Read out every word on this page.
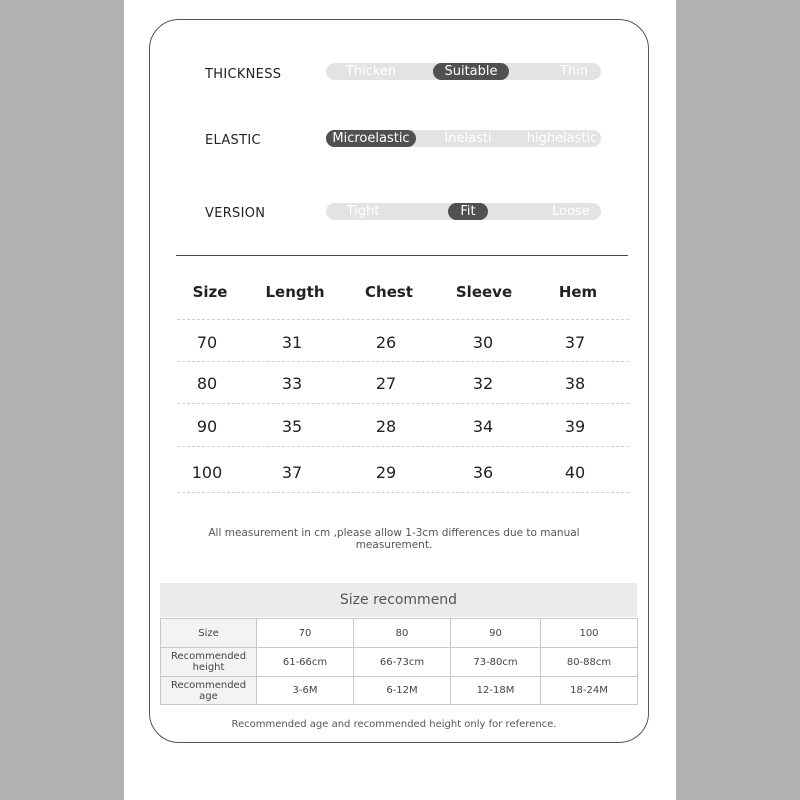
THICKNESS	Thicken	Suitable	Thin
ELASTIC	Microelastic	Inelasti	highelastic
VERSION	Tight	Fit	Loose
Size	Length	Chest	Sleeve	Hem
70	31	26	30	37
80	33	27	32	38
90	35	28	34	39
100	37	29	36	40
All measurement in cm ,please allow 1-3cm differences due to manual measurement.
Size recommend
Size	70	80	90	100
Recommended height	61-66cm	66-73cm	73-80cm	80-88cm
Recommended age	3-6M	6-12M	12-18M	18-24M
Recommended age and recommended height only for reference.
